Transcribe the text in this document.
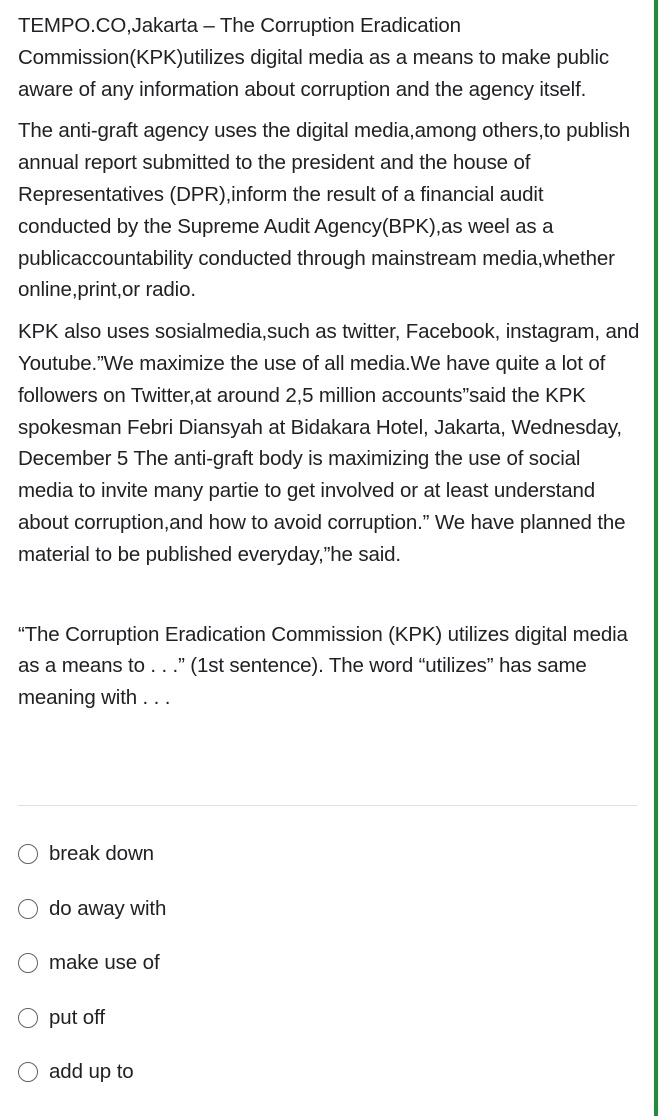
TEMPO.CO,Jakarta – The Corruption Eradication Commission(KPK)utilizes digital media as a means to make public aware of any information about corruption and the agency itself.

The anti-graft agency uses the digital media,among others,to publish annual report submitted to the president and the house of Representatives (DPR),inform the result of a financial audit conducted by the Supreme Audit Agency(BPK),as weel as a publicaccountability conducted through mainstream media,whether online,print,or radio.

KPK also uses sosialmedia,such as twitter, Facebook, instagram, and Youtube.”We maximize the use of all media.We have quite a lot of followers on Twitter,at around 2,5 million accounts”said the KPK spokesman Febri Diansyah at Bidakara Hotel, Jakarta, Wednesday, December 5 The anti-graft body is maximizing the use of social media to invite many partie to get involved or at least understand about corruption,and how to avoid corruption.” We have planned the material to be published everyday,”he said.

“The Corruption Eradication Commission (KPK) utilizes digital media as a means to . . .” (1st sentence). The word “utilizes” has same meaning with . . .

break down
do away with
make use of
put off
add up to
